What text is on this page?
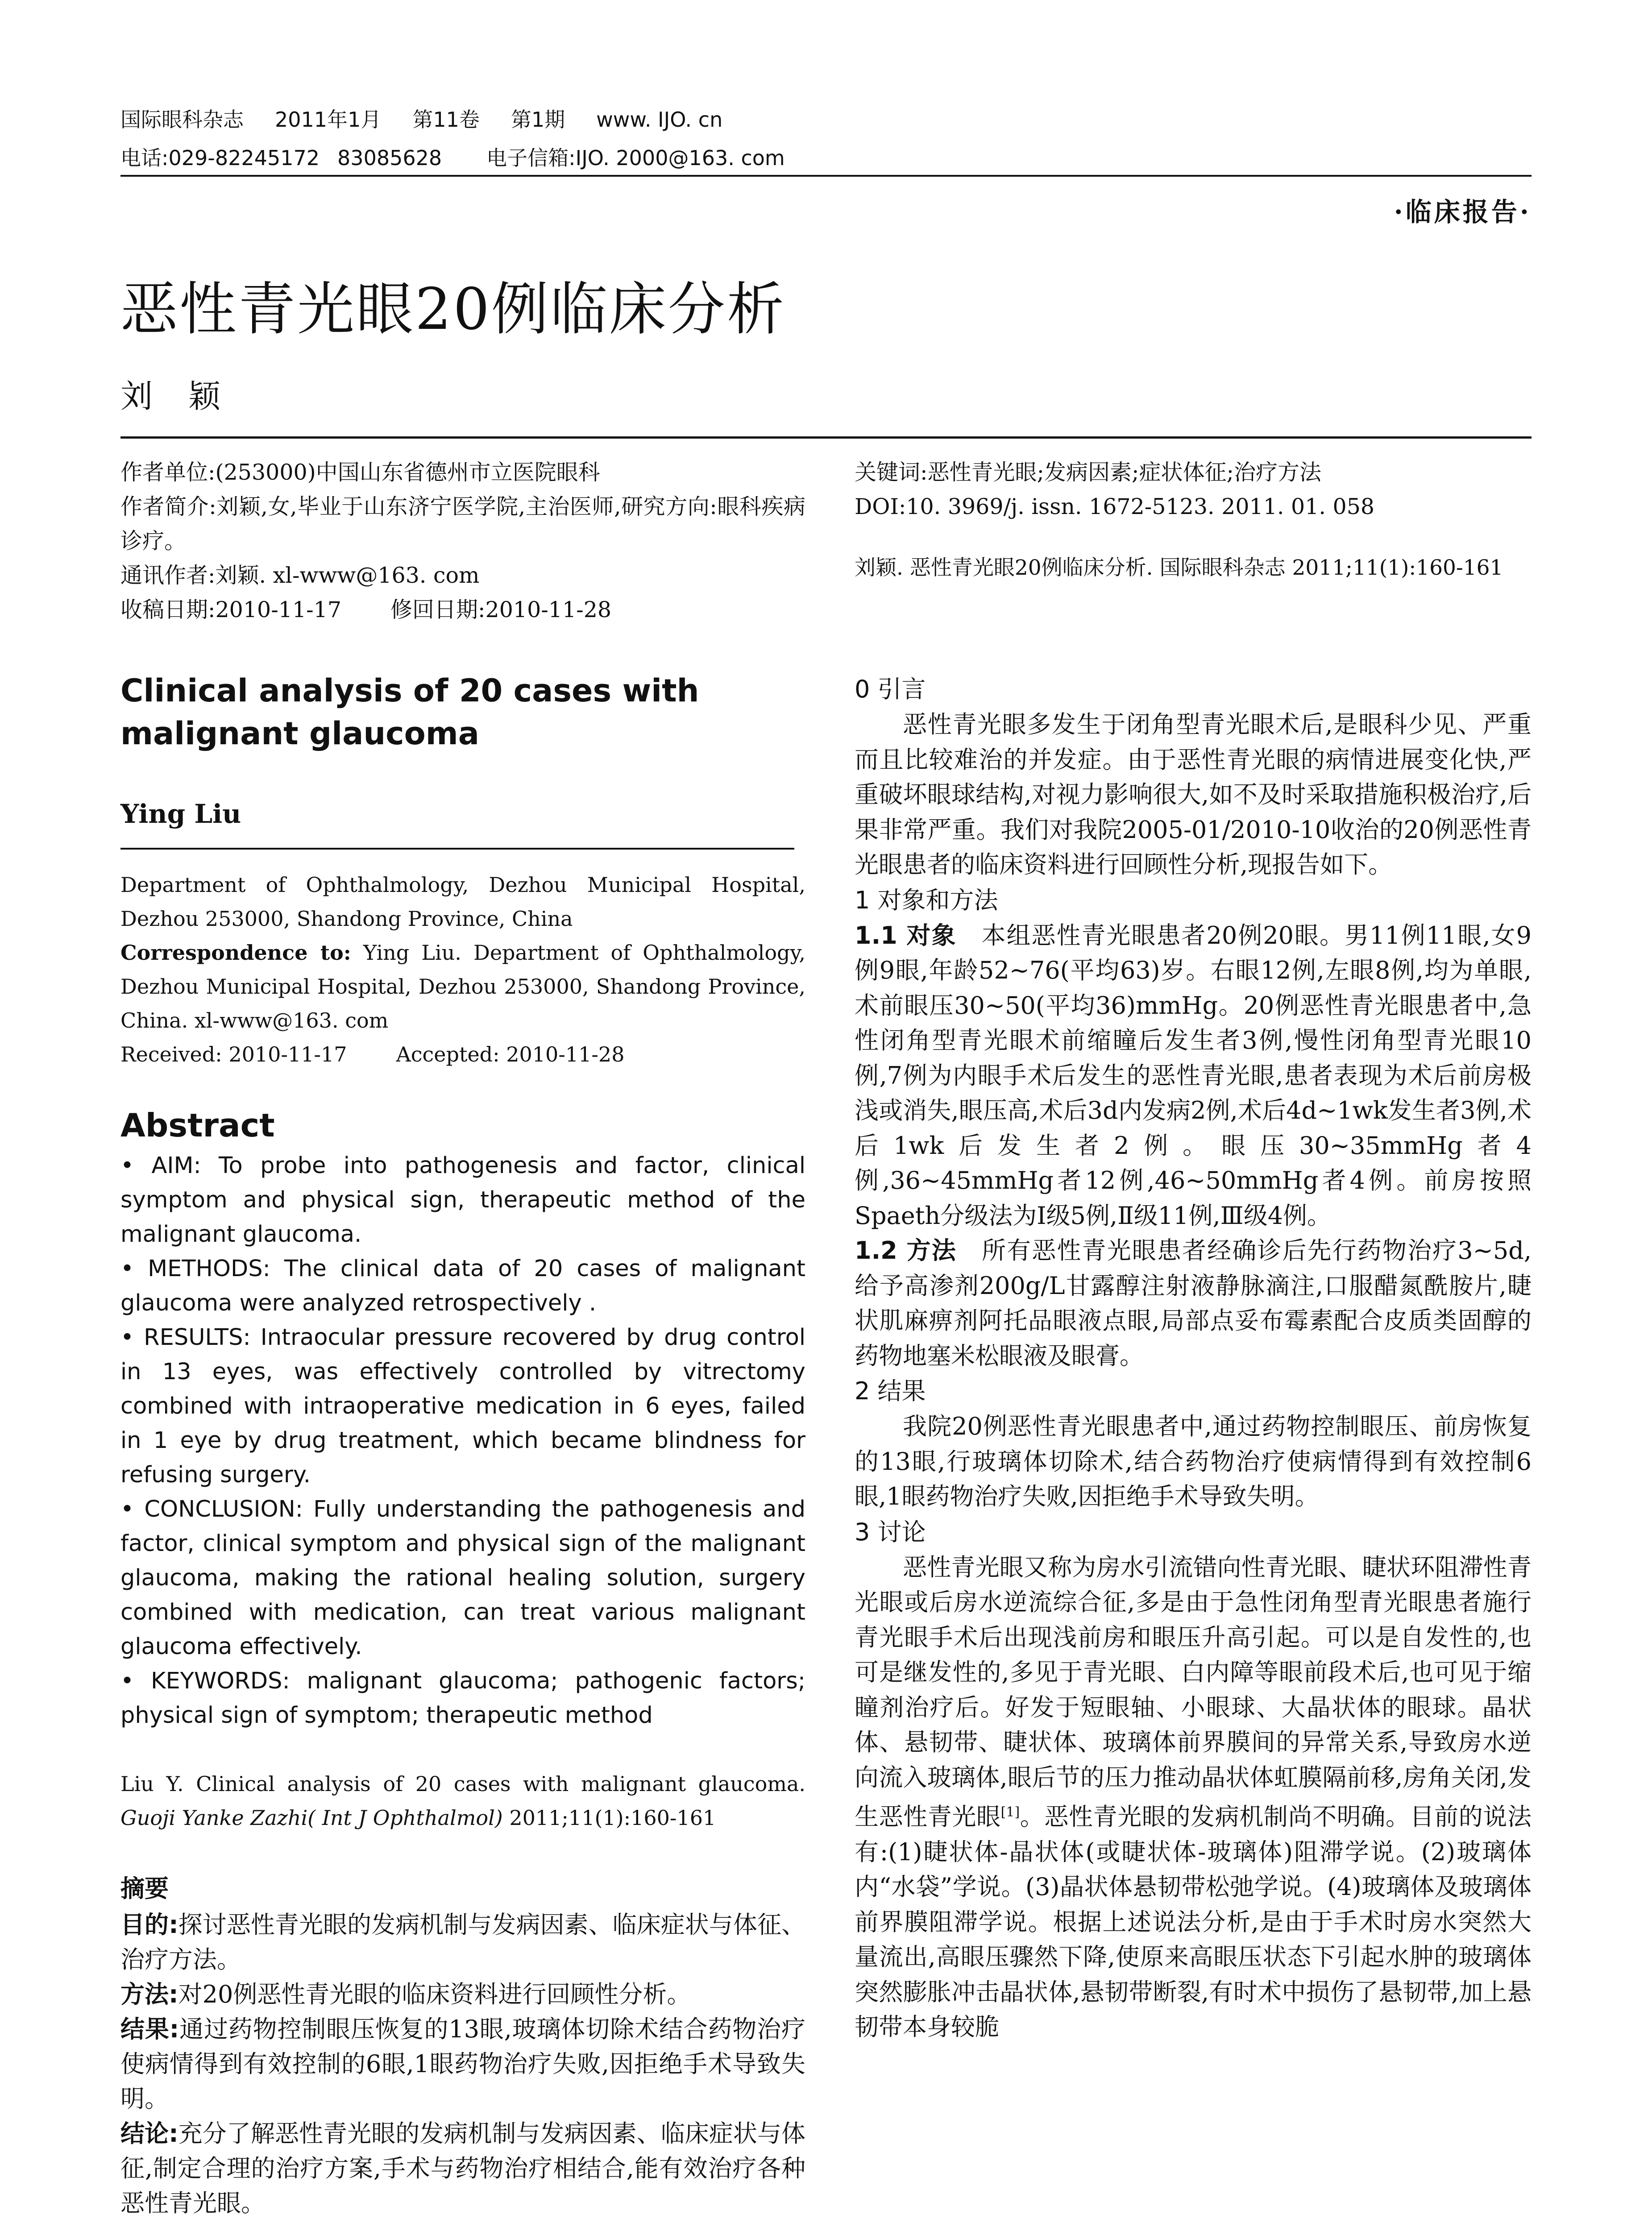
国际眼科杂志 2011年1月 第11卷 第1期 www. IJO. cn
电话:029-82245172 83085628 电子信箱:IJO. 2000@163. com
·临床报告·
恶性青光眼20例临床分析
刘颖

作者单位:(253000)中国山东省德州市立医院眼科

作者简介:刘颖,女,毕业于山东济宁医学院,主治医师,研究方向:眼科疾病诊疗。

通讯作者:刘颖. xl-www@163. com

收稿日期:2010-11-17 修回日期:2010-11-28

Clinical analysis of 20 cases with malignant glaucoma

Ying Liu

Department of Ophthalmology, Dezhou Municipal Hospital, Dezhou 253000, Shandong Province, China

Correspondence to: Ying Liu. Department of Ophthalmology, Dezhou Municipal Hospital, Dezhou 253000, Shandong Province, China. xl-www@163. com

Received: 2010-11-17 Accepted: 2010-11-28

Abstract

• AIM: To probe into pathogenesis and factor, clinical symptom and physical sign, therapeutic method of the malignant glaucoma.

• METHODS: The clinical data of 20 cases of malignant glaucoma were analyzed retrospectively .

• RESULTS: Intraocular pressure recovered by drug control in 13 eyes, was effectively controlled by vitrectomy combined with intraoperative medication in 6 eyes, failed in 1 eye by drug treatment, which became blindness for refusing surgery.

• CONCLUSION: Fully understanding the pathogenesis and factor, clinical symptom and physical sign of the malignant glaucoma, making the rational healing solution, surgery combined with medication, can treat various malignant glaucoma effectively.

• KEYWORDS: malignant glaucoma; pathogenic factors; physical sign of symptom; therapeutic method

Liu Y. Clinical analysis of 20 cases with malignant glaucoma. Guoji Yanke Zazhi( Int J Ophthalmol) 2011;11(1):160-161

摘要

目的:探讨恶性青光眼的发病机制与发病因素、临床症状与体征、治疗方法。

方法:对20例恶性青光眼的临床资料进行回顾性分析。

结果:通过药物控制眼压恢复的13眼,玻璃体切除术结合药物治疗使病情得到有效控制的6眼,1眼药物治疗失败,因拒绝手术导致失明。

结论:充分了解恶性青光眼的发病机制与发病因素、临床症状与体征,制定合理的治疗方案,手术与药物治疗相结合,能有效治疗各种恶性青光眼。

关键词:恶性青光眼;发病因素;症状体征;治疗方法

DOI:10. 3969/j. issn. 1672-5123. 2011. 01. 058

刘颖. 恶性青光眼20例临床分析. 国际眼科杂志 2011;11(1):160-161

0 引言

恶性青光眼多发生于闭角型青光眼术后,是眼科少见、严重而且比较难治的并发症。由于恶性青光眼的病情进展变化快,严重破坏眼球结构,对视力影响很大,如不及时采取措施积极治疗,后果非常严重。我们对我院2005-01/2010-10收治的20例恶性青光眼患者的临床资料进行回顾性分析,现报告如下。

1 对象和方法

1.1 对象　本组恶性青光眼患者20例20眼。男11例11眼,女9例9眼,年龄52~76(平均63)岁。右眼12例,左眼8例,均为单眼,术前眼压30~50(平均36)mmHg。20例恶性青光眼患者中,急性闭角型青光眼术前缩瞳后发生者3例,慢性闭角型青光眼10例,7例为内眼手术后发生的恶性青光眼,患者表现为术后前房极浅或消失,眼压高,术后3d内发病2例,术后4d~1wk发生者3例,术后1wk后发生者2例。眼压30~35mmHg者4例,36~45mmHg者12例,46~50mmHg者4例。前房按照Spaeth分级法为Ⅰ级5例,Ⅱ级11例,Ⅲ级4例。

1.2 方法　所有恶性青光眼患者经确诊后先行药物治疗3~5d,给予高渗剂200g/L甘露醇注射液静脉滴注,口服醋氮酰胺片,睫状肌麻痹剂阿托品眼液点眼,局部点妥布霉素配合皮质类固醇的药物地塞米松眼液及眼膏。

2 结果

我院20例恶性青光眼患者中,通过药物控制眼压、前房恢复的13眼,行玻璃体切除术,结合药物治疗使病情得到有效控制6眼,1眼药物治疗失败,因拒绝手术导致失明。

3 讨论

恶性青光眼又称为房水引流错向性青光眼、睫状环阻滞性青光眼或后房水逆流综合征,多是由于急性闭角型青光眼患者施行青光眼手术后出现浅前房和眼压升高引起。可以是自发性的,也可是继发性的,多见于青光眼、白内障等眼前段术后,也可见于缩瞳剂治疗后。好发于短眼轴、小眼球、大晶状体的眼球。晶状体、悬韧带、睫状体、玻璃体前界膜间的异常关系,导致房水逆向流入玻璃体,眼后节的压力推动晶状体虹膜隔前移,房角关闭,发生恶性青光眼[1]。恶性青光眼的发病机制尚不明确。目前的说法有:(1)睫状体-晶状体(或睫状体-玻璃体)阻滞学说。(2)玻璃体内“水袋”学说。(3)晶状体悬韧带松弛学说。(4)玻璃体及玻璃体前界膜阻滞学说。根据上述说法分析,是由于手术时房水突然大量流出,高眼压骤然下降,使原来高眼压状态下引起水肿的玻璃体突然膨胀冲击晶状体,悬韧带断裂,有时术中损伤了悬韧带,加上悬韧带本身较脆
